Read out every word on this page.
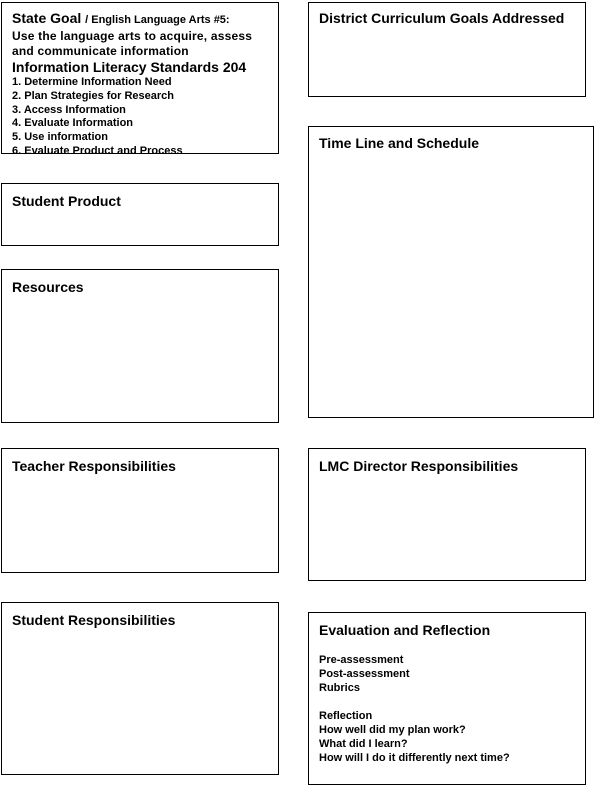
State Goal / English Language Arts #5:
Use the language arts to acquire, assess
and communicate information
Information Literacy Standards 204
1. Determine Information Need
2. Plan Strategies for Research
3. Access Information
4. Evaluate Information
5. Use information
6. Evaluate Product and Process
District Curriculum Goals Addressed
Student Product
Time Line and Schedule
Resources
Teacher Responsibilities	LMC Director Responsibilities
Student Responsibilities
Evaluation and Reflection
Pre-assessment
Post-assessment
Rubrics
Reflection
How well did my plan work?
What did I learn?
How will I do it differently next time?
